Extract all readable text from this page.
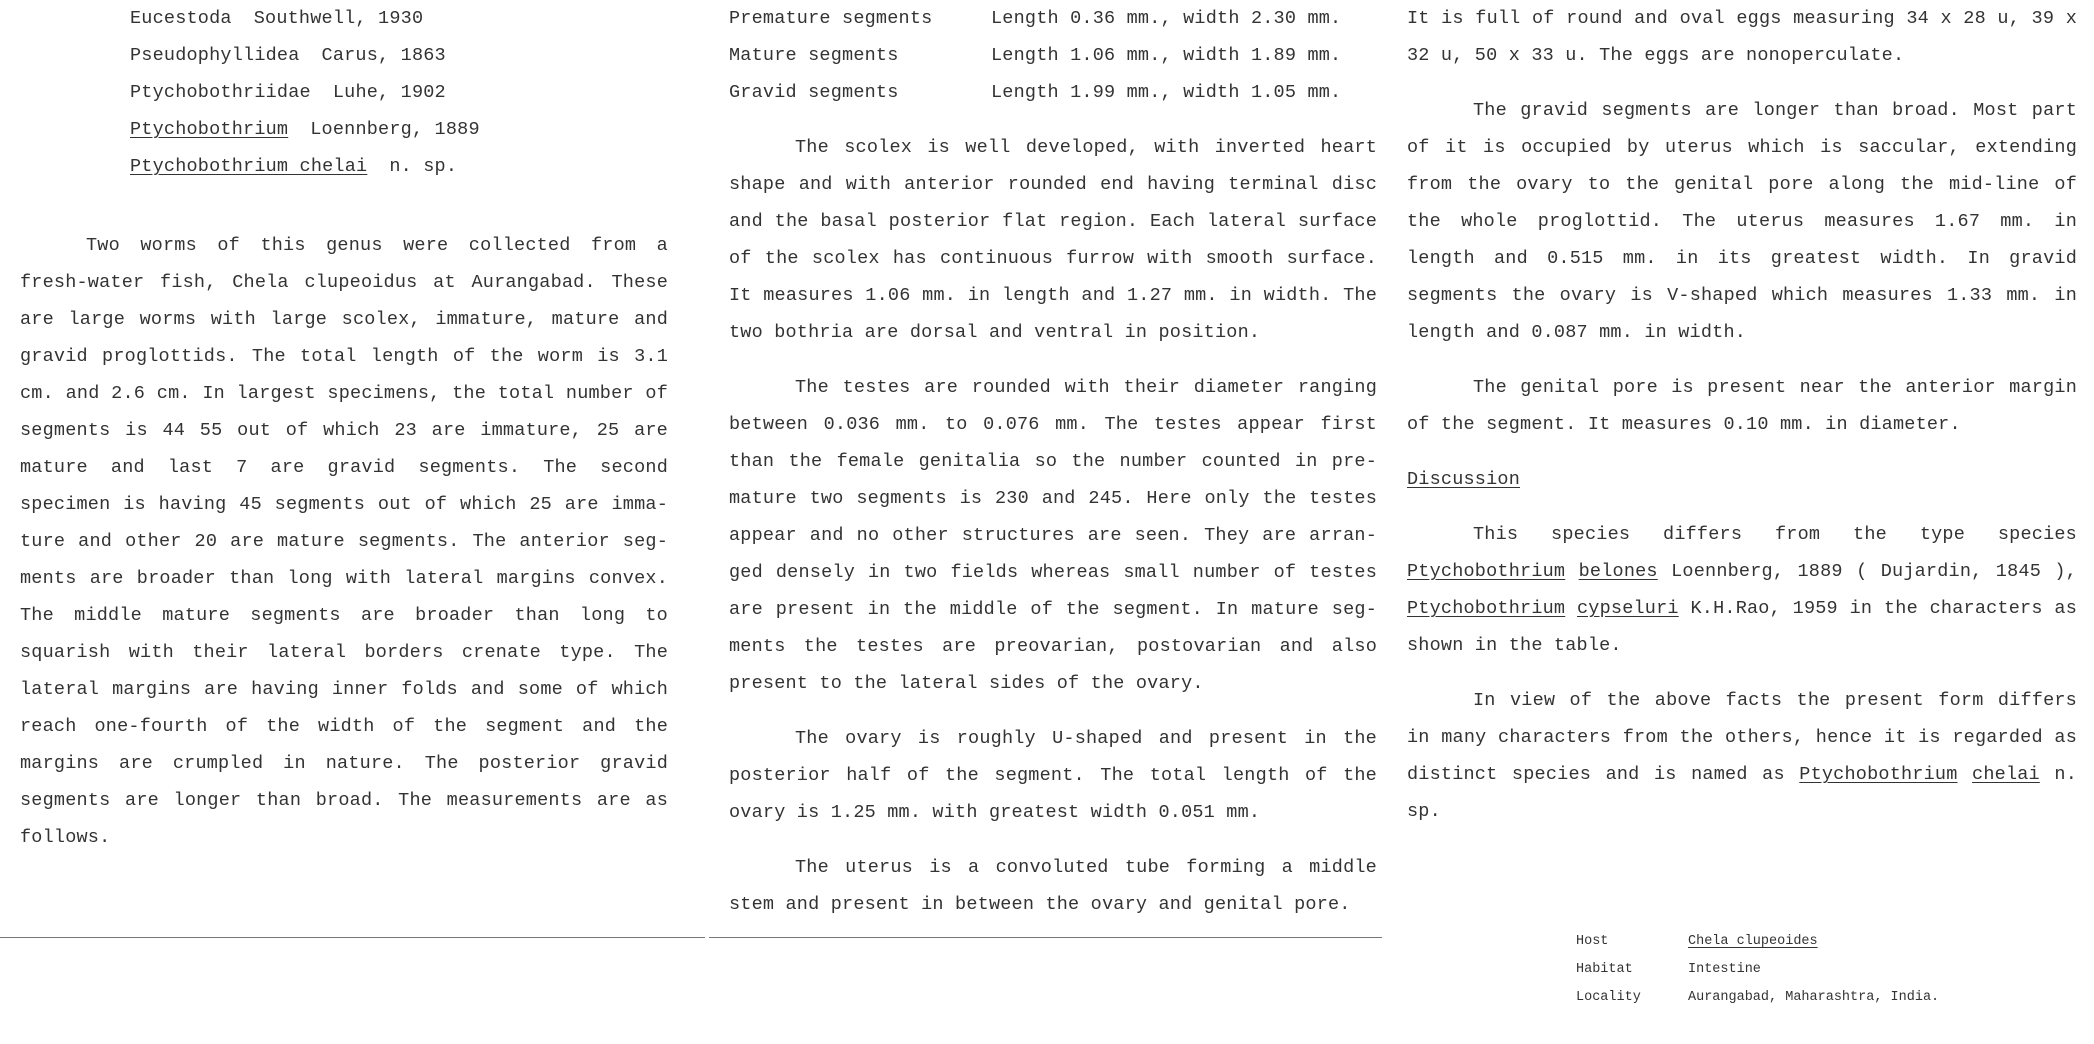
Eucestoda Southwell, 1930
Pseudophyllidea Carus, 1863
Ptychobothriidae Luhe, 1902
Ptychobothrium Loennberg, 1889
Ptychobothrium chelai n. sp.

Two worms of this genus were collected from a fresh-water fish, Chela clupeoidus at Aurangabad. These are large worms with large scolex, immature, mature and gravid proglottids. The total length of the worm is 3.1 cm. and 2.6 cm. In largest specimens, the total number of segments is 44 55 out of which 23 are immature, 25 are mature and last 7 are gravid segments. The second specimen is having 45 segments out of which 25 are imma-ture and other 20 are mature segments. The anterior seg-ments are broader than long with lateral margins convex. The middle mature segments are broader than long to squarish with their lateral borders crenate type. The lateral margins are having inner folds and some of which reach one-fourth of the width of the segment and the margins are crumpled in nature. The posterior gravid segments are longer than broad. The measurements are as follows.

Premature segments	Length 0.36 mm., width 2.30 mm.
Mature segments	Length 1.06 mm., width 1.89 mm.
Gravid segments	Length 1.99 mm., width 1.05 mm.

The scolex is well developed, with inverted heart shape and with anterior rounded end having terminal disc and the basal posterior flat region. Each lateral surface of the scolex has continuous furrow with smooth surface. It measures 1.06 mm. in length and 1.27 mm. in width. The two bothria are dorsal and ventral in position.

The testes are rounded with their diameter ranging between 0.036 mm. to 0.076 mm. The testes appear first than the female genitalia so the number counted in pre-mature two segments is 230 and 245. Here only the testes appear and no other structures are seen. They are arran-ged densely in two fields whereas small number of testes are present in the middle of the segment. In mature seg-ments the testes are preovarian, postovarian and also present to the lateral sides of the ovary.

The ovary is roughly U-shaped and present in the posterior half of the segment. The total length of the ovary is 1.25 mm. with greatest width 0.051 mm.

The uterus is a convoluted tube forming a middle stem and present in between the ovary and genital pore.

It is full of round and oval eggs measuring 34 x 28 u, 39 x 32 u, 50 x 33 u. The eggs are nonoperculate.

The gravid segments are longer than broad. Most part of it is occupied by uterus which is saccular, extending from the ovary to the genital pore along the mid-line of the whole proglottid. The uterus measures 1.67 mm. in length and 0.515 mm. in its greatest width. In gravid segments the ovary is V-shaped which measures 1.33 mm. in length and 0.087 mm. in width.

The genital pore is present near the anterior margin of the segment. It measures 0.10 mm. in diameter.

Discussion

This species differs from the type species Ptychobothrium belones Loennberg, 1889 ( Dujardin, 1845 ), Ptychobothrium cypseluri K.H.Rao, 1959 in the characters as shown in the table.

In view of the above facts the present form differs in many characters from the others, hence it is regarded as distinct species and is named as Ptychobothrium chelai n. sp.

Host	Chela clupeoides
Habitat	Intestine
Locality	Aurangabad, Maharashtra, India.
